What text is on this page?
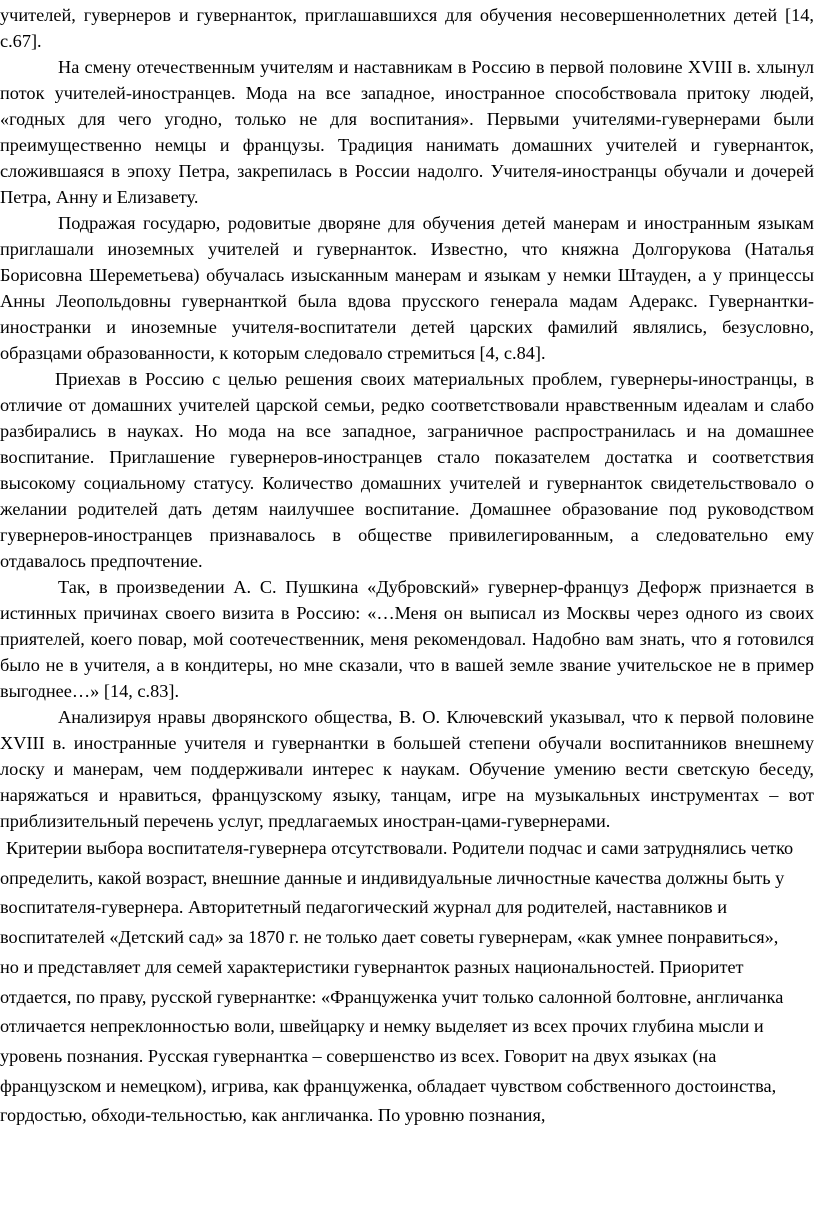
учителей, гувернеров и гувернанток, приглашавшихся для обучения несовершеннолетних детей [14, с.67].

На смену отечественным учителям и наставникам в Россию в первой половине XVIII в. хлынул поток учителей-иностранцев. Мода на все западное, иностранное способствовала притоку людей, «годных для чего угодно, только не для воспитания». Первыми учителями-гувернерами были преимущественно немцы и французы. Традиция нанимать домашних учителей и гувернанток, сложившаяся в эпоху Петра, закрепилась в России надолго. Учителя-иностранцы обучали и дочерей Петра, Анну и Елизавету.

Подражая государю, родовитые дворяне для обучения детей манерам и иностранным языкам приглашали иноземных учителей и гувернанток. Известно, что княжна Долгорукова (Наталья Борисовна Шереметьева) обучалась изысканным манерам и языкам у немки Штауден, а у принцессы Анны Леопольдовны гувернанткой была вдова прусского генерала мадам Адеракс. Гувернантки-иностранки и иноземные учителя-воспитатели детей царских фамилий являлись, безусловно, образцами образованности, к которым следовало стремиться [4, с.84].

Приехав в Россию с целью решения своих материальных проблем, гувернеры-иностранцы, в отличие от домашних учителей царской семьи, редко соответствовали нравственным идеалам и слабо разбирались в науках. Но мода на все западное, заграничное распространилась и на домашнее воспитание. Приглашение гувернеров-иностранцев стало показателем достатка и соответствия высокому социальному статусу. Количество домашних учителей и гувернанток свидетельствовало о желании родителей дать детям наилучшее воспитание. Домашнее образование под руководством гувернеров-иностранцев признавалось в обществе привилегированным, а следовательно ему отдавалось предпочтение.

Так, в произведении А. С. Пушкина «Дубровский» гувернер-француз Дефорж признается в истинных причинах своего визита в Россию: «…Меня он выписал из Москвы через одного из своих приятелей, коего повар, мой соотечественник, меня рекомендовал. Надобно вам знать, что я готовился было не в учителя, а в кондитеры, но мне сказали, что в вашей земле звание учительское не в пример выгоднее…» [14, с.83].

Анализируя нравы дворянского общества, В. О. Ключевский указывал, что к первой половине XVIII в. иностранные учителя и гувернантки в большей степени обучали воспитанников внешнему лоску и манерам, чем поддерживали интерес к наукам. Обучение умению вести светскую беседу, наряжаться и нравиться, французскому языку, танцам, игре на музыкальных инструментах – вот приблизительный перечень услуг, предлагаемых иностран-цами-гувернерами.

Критерии выбора воспитателя-гувернера отсутствовали. Родители подчас и сами затруднялись четко определить, какой возраст, внешние данные и индивидуальные личностные качества должны быть у воспитателя-гувернера. Авторитетный педагогический журнал для родителей, наставников и воспитателей «Детский сад» за 1870 г. не только дает советы гувернерам, «как умнее понравиться», но и представляет для семей характеристики гувернанток разных национальностей. Приоритет отдается, по праву, русской гувернантке: «Француженка учит только салонной болтовне, англичанка отличается непреклонностью воли, швейцарку и немку выделяет из всех прочих глубина мысли и уровень познания. Русская гувернантка – совершенство из всех. Говорит на двух языках (на французском и немецком), игрива, как француженка, обладает чувством собственного достоинства, гордостью, обходи-тельностью, как англичанка. По уровню познания,
